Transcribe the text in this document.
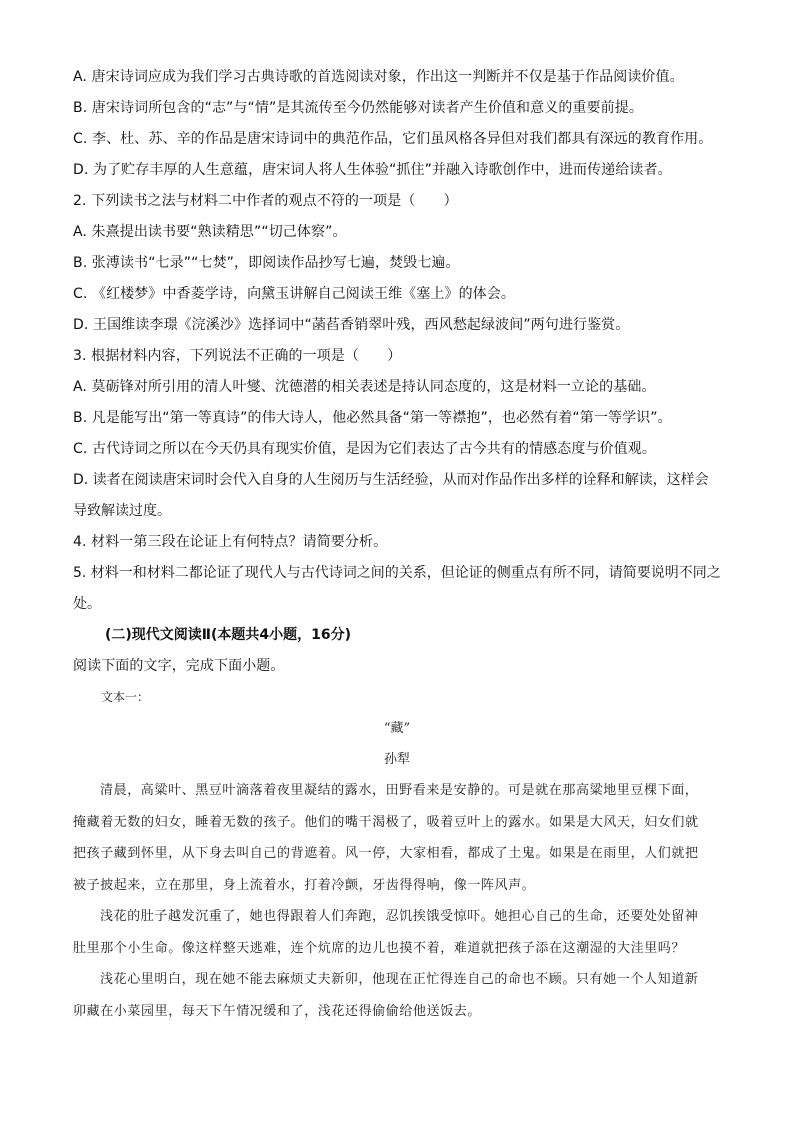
A. 唐宋诗词应成为我们学习古典诗歌的首选阅读对象，作出这一判断并不仅是基于作品阅读价值。
B. 唐宋诗词所包含的“志”与“情”是其流传至今仍然能够对读者产生价值和意义的重要前提。
C. 李、杜、苏、辛的作品是唐宋诗词中的典范作品，它们虽风格各异但对我们都具有深远的教育作用。
D. 为了贮存丰厚的人生意蕴，唐宋词人将人生体验“抓住”并融入诗歌创作中，进而传递给读者。
2. 下列读书之法与材料二中作者的观点不符的一项是（　　）
A. 朱熹提出读书要“熟读精思”“切己体察”。
B. 张溥读书“七录”“七焚”，即阅读作品抄写七遍，焚毁七遍。
C. 《红楼梦》中香菱学诗，向黛玉讲解自己阅读王维《塞上》的体会。
D. 王国维读李璟《浣溪沙》选择词中“菡萏香销翠叶残，西风愁起绿波间”两句进行鉴赏。
3. 根据材料内容，下列说法不正确的一项是（　　）
A. 莫砺锋对所引用的清人叶燮、沈德潜的相关表述是持认同态度的，这是材料一立论的基础。
B. 凡是能写出“第一等真诗”的伟大诗人，他必然具备“第一等襟抱”，也必然有着“第一等学识”。
C. 古代诗词之所以在今天仍具有现实价值，是因为它们表达了古今共有的情感态度与价值观。
D. 读者在阅读唐宋词时会代入自身的人生阅历与生活经验，从而对作品作出多样的诠释和解读，这样会
导致解读过度。
4. 材料一第三段在论证上有何特点？请简要分析。
5. 材料一和材料二都论证了现代人与古代诗词之间的关系，但论证的侧重点有所不同，请简要说明不同之
处。
(二)现代文阅读Ⅱ(本题共4小题，16分)
阅读下面的文字，完成下面小题。
文本一：
“藏”
孙犁
清晨，高粱叶、黑豆叶滴落着夜里凝结的露水，田野看来是安静的。可是就在那高粱地里豆棵下面，
掩藏着无数的妇女，睡着无数的孩子。他们的嘴干渴极了，吸着豆叶上的露水。如果是大风天，妇女们就
把孩子藏到怀里，从下身去叫自己的背遮着。风一停，大家相看，都成了土鬼。如果是在雨里，人们就把
被子披起来，立在那里，身上流着水，打着冷颤，牙齿得得响，像一阵风声。
浅花的肚子越发沉重了，她也得跟着人们奔跑，忍饥挨饿受惊吓。她担心自己的生命，还要处处留神
肚里那个小生命。像这样整天逃难，连个炕席的边儿也摸不着，难道就把孩子添在这潮湿的大洼里吗？
浅花心里明白，现在她不能去麻烦丈夫新卯，他现在正忙得连自己的命也不顾。只有她一个人知道新
卯藏在小菜园里，每天下午情况缓和了，浅花还得偷偷给他送饭去。
